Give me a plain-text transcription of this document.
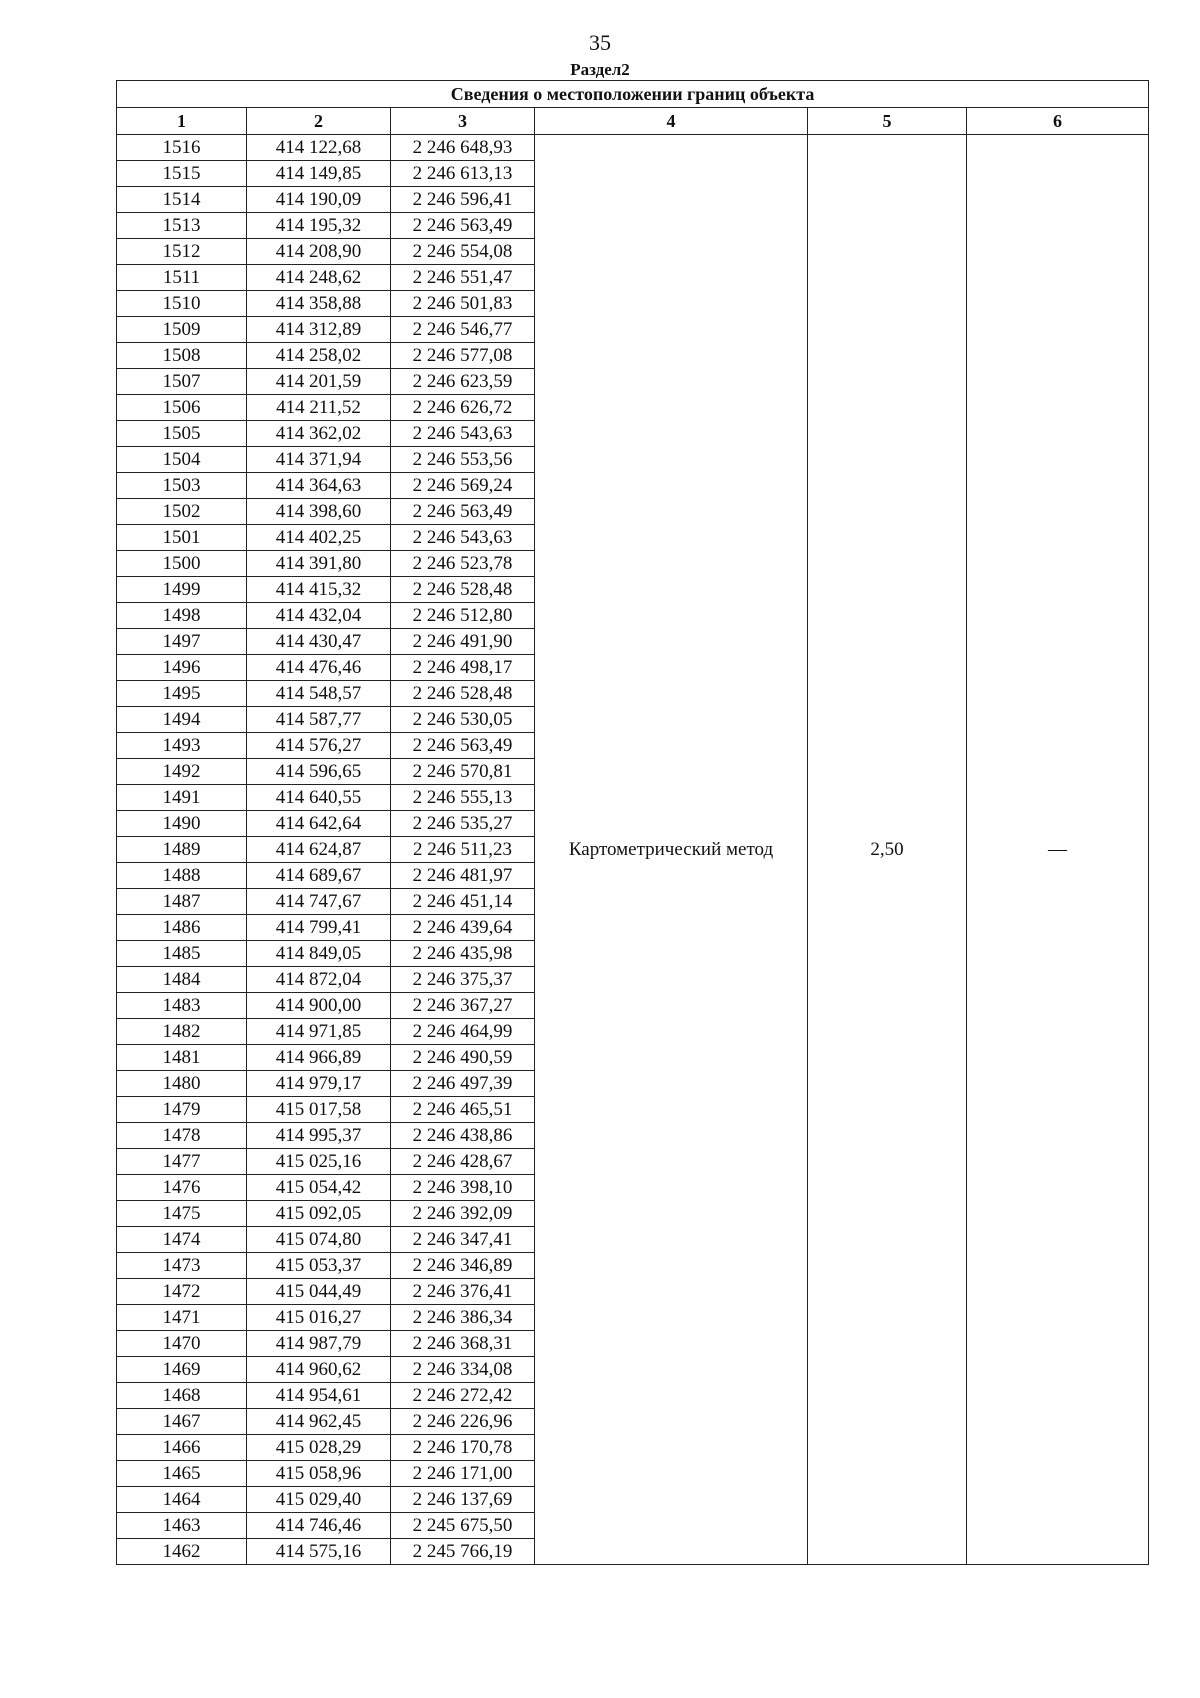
35
Раздел2
Сведения о местоположении границ объекта					
1	2	3	4	5	6
1516	414 122,68	2 246 648,93	Картометрический метод	2,50	—
1515	414 149,85	2 246 613,13			
1514	414 190,09	2 246 596,41			
1513	414 195,32	2 246 563,49			
1512	414 208,90	2 246 554,08			
1511	414 248,62	2 246 551,47			
1510	414 358,88	2 246 501,83			
1509	414 312,89	2 246 546,77			
1508	414 258,02	2 246 577,08			
1507	414 201,59	2 246 623,59			
1506	414 211,52	2 246 626,72			
1505	414 362,02	2 246 543,63			
1504	414 371,94	2 246 553,56			
1503	414 364,63	2 246 569,24			
1502	414 398,60	2 246 563,49			
1501	414 402,25	2 246 543,63			
1500	414 391,80	2 246 523,78			
1499	414 415,32	2 246 528,48			
1498	414 432,04	2 246 512,80			
1497	414 430,47	2 246 491,90			
1496	414 476,46	2 246 498,17			
1495	414 548,57	2 246 528,48			
1494	414 587,77	2 246 530,05			
1493	414 576,27	2 246 563,49			
1492	414 596,65	2 246 570,81			
1491	414 640,55	2 246 555,13			
1490	414 642,64	2 246 535,27			
1489	414 624,87	2 246 511,23			
1488	414 689,67	2 246 481,97			
1487	414 747,67	2 246 451,14			
1486	414 799,41	2 246 439,64			
1485	414 849,05	2 246 435,98			
1484	414 872,04	2 246 375,37			
1483	414 900,00	2 246 367,27			
1482	414 971,85	2 246 464,99			
1481	414 966,89	2 246 490,59			
1480	414 979,17	2 246 497,39			
1479	415 017,58	2 246 465,51			
1478	414 995,37	2 246 438,86			
1477	415 025,16	2 246 428,67			
1476	415 054,42	2 246 398,10			
1475	415 092,05	2 246 392,09			
1474	415 074,80	2 246 347,41			
1473	415 053,37	2 246 346,89			
1472	415 044,49	2 246 376,41			
1471	415 016,27	2 246 386,34			
1470	414 987,79	2 246 368,31			
1469	414 960,62	2 246 334,08			
1468	414 954,61	2 246 272,42			
1467	414 962,45	2 246 226,96			
1466	415 028,29	2 246 170,78			
1465	415 058,96	2 246 171,00			
1464	415 029,40	2 246 137,69			
1463	414 746,46	2 245 675,50			
1462	414 575,16	2 245 766,19			
